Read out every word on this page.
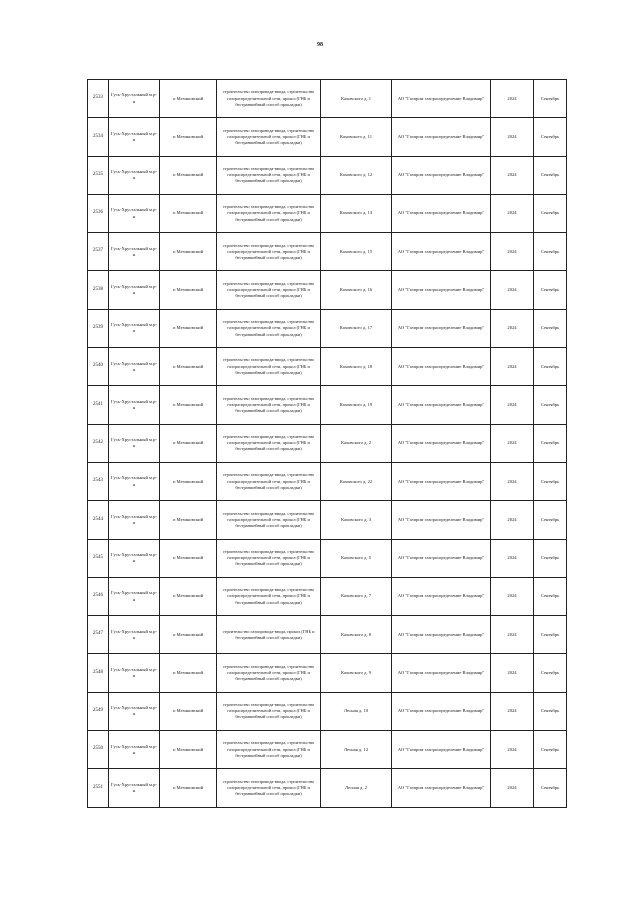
98
2533	Гусь-Хрустальный м.р-н	п Мезиновский	строительство газопровода-ввода, строительство газораспределительной сети, прокол (ГНБ и бестраншейный способ прокладки)	Каховского д. 1	АО "Газпром газораспределение Владимир"	2024	Сентябрь
2534	Гусь-Хрустальный м.р-н	п Мезиновский	строительство газопровода-ввода, строительство газораспределительной сети, прокол (ГНБ и бестраншейный способ прокладки)	Каховского д. 11	АО "Газпром газораспределение Владимир"	2024	Сентябрь
2535	Гусь-Хрустальный м.р-н	п Мезиновский	строительство газопровода-ввода, строительство газораспределительной сети, прокол (ГНБ и бестраншейный способ прокладки)	Каховского д. 12	АО "Газпром газораспределение Владимир"	2024	Сентябрь
2536	Гусь-Хрустальный м.р-н	п Мезиновский	строительство газопровода-ввода, строительство газораспределительной сети, прокол (ГНБ и бестраншейный способ прокладки)	Каховского д. 13	АО "Газпром газораспределение Владимир"	2024	Сентябрь
2537	Гусь-Хрустальный м.р-н	п Мезиновский	строительство газопровода-ввода, строительство газораспределительной сети, прокол (ГНБ и бестраншейный способ прокладки)	Каховского д. 15	АО "Газпром газораспределение Владимир"	2024	Сентябрь
2538	Гусь-Хрустальный м.р-н	п Мезиновский	строительство газопровода-ввода, строительство газораспределительной сети, прокол (ГНБ и бестраншейный способ прокладки)	Каховского д. 16	АО "Газпром газораспределение Владимир"	2024	Сентябрь
2539	Гусь-Хрустальный м.р-н	п Мезиновский	строительство газопровода-ввода, строительство газораспределительной сети, прокол (ГНБ и бестраншейный способ прокладки)	Каховского д. 17	АО "Газпром газораспределение Владимир"	2024	Сентябрь
2540	Гусь-Хрустальный м.р-н	п Мезиновский	строительство газопровода-ввода, строительство газораспределительной сети, прокол (ГНБ и бестраншейный способ прокладки)	Каховского д. 18	АО "Газпром газораспределение Владимир"	2024	Сентябрь
2541	Гусь-Хрустальный м.р-н	п Мезиновский	строительство газопровода-ввода, строительство газораспределительной сети, прокол (ГНБ и бестраншейный способ прокладки)	Каховского д. 19	АО "Газпром газораспределение Владимир"	2024	Сентябрь
2542	Гусь-Хрустальный м.р-н	п Мезиновский	строительство газопровода-ввода, строительство газораспределительной сети, прокол (ГНБ и бестраншейный способ прокладки)	Каховского д. 2	АО "Газпром газораспределение Владимир"	2024	Сентябрь
2543	Гусь-Хрустальный м.р-н	п Мезиновский	строительство газопровода-ввода, строительство газораспределительной сети, прокол (ГНБ и бестраншейный способ прокладки)	Каховского д. 22	АО "Газпром газораспределение Владимир"	2024	Сентябрь
2544	Гусь-Хрустальный м.р-н	п Мезиновский	строительство газопровода-ввода, строительство газораспределительной сети, прокол (ГНБ и бестраншейный способ прокладки)	Каховского д. 3	АО "Газпром газораспределение Владимир"	2024	Сентябрь
2545	Гусь-Хрустальный м.р-н	п Мезиновский	строительство газопровода-ввода, строительство газораспределительной сети, прокол (ГНБ и бестраншейный способ прокладки)	Каховского д. 5	АО "Газпром газораспределение Владимир"	2024	Сентябрь
2546	Гусь-Хрустальный м.р-н	п Мезиновский	строительство газопровода-ввода, строительство газораспределительной сети, прокол (ГНБ и бестраншейный способ прокладки)	Каховского д. 7	АО "Газпром газораспределение Владимир"	2024	Сентябрь
2547	Гусь-Хрустальный м.р-н	п Мезиновский	строительство газопровода-ввода, прокол (ГНБ и бестраншейный способ прокладки)	Каховского д. 8	АО "Газпром газораспределение Владимир"	2024	Сентябрь
2548	Гусь-Хрустальный м.р-н	п Мезиновский	строительство газопровода-ввода, строительство газораспределительной сети, прокол (ГНБ и бестраншейный способ прокладки)	Каховского д. 9	АО "Газпром газораспределение Владимир"	2024	Сентябрь
2549	Гусь-Хрустальный м.р-н	п Мезиновский	строительство газопровода-ввода, строительство газораспределительной сети, прокол (ГНБ и бестраншейный способ прокладки)	Лесная д. 10	АО "Газпром газораспределение Владимир"	2024	Сентябрь
2550	Гусь-Хрустальный м.р-н	п Мезиновский	строительство газопровода-ввода, строительство газораспределительной сети, прокол (ГНБ и бестраншейный способ прокладки)	Лесная д. 12	АО "Газпром газораспределение Владимир"	2024	Сентябрь
2551	Гусь-Хрустальный м.р-н	п Мезиновский	строительство газопровода-ввода, строительство газораспределительной сети, прокол (ГНБ и бестраншейный способ прокладки)	Лесная д. 2	АО "Газпром газораспределение Владимир"	2024	Сентябрь
